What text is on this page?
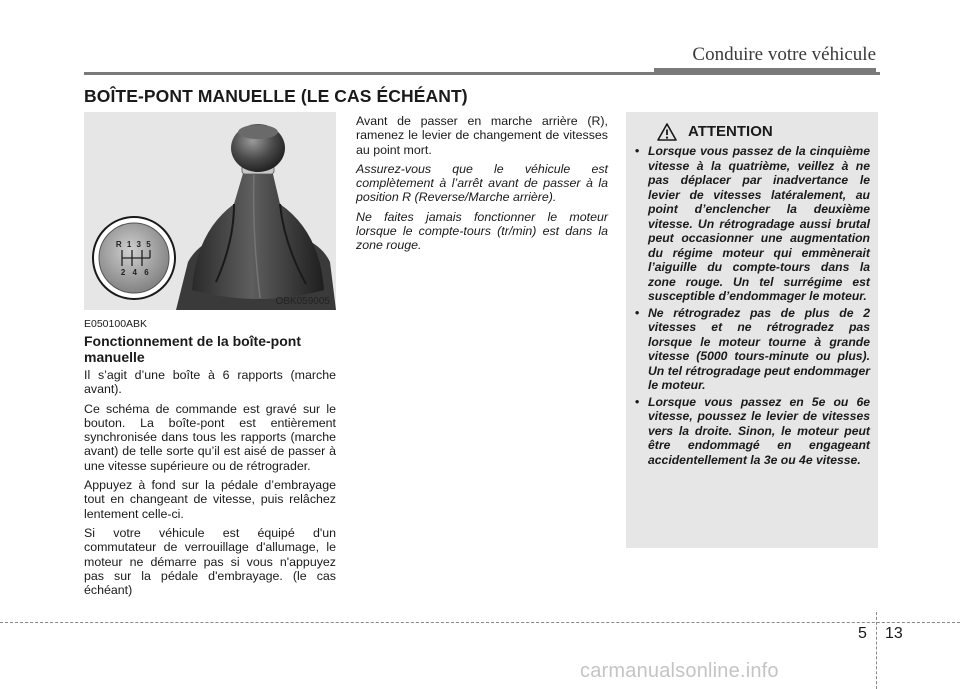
Conduire votre véhicule
BOÎTE-PONT MANUELLE (LE CAS ÉCHÉANT)
R 1 3 5
2 4 6
OBK059005
E050100ABK
Fonctionnement de la boîte-pont manuelle

Il s’agit d’une boîte à 6 rapports (marche avant).

Ce schéma de commande est gravé sur le bouton. La boîte-pont est entièrement synchronisée dans tous les rapports (marche avant) de telle sorte qu’il est aisé de passer à une vitesse supérieure ou de rétrograder.

Appuyez à fond sur la pédale d’embrayage tout en changeant de vitesse, puis relâchez lentement celle-ci.

Si votre véhicule est équipé d'un commutateur de verrouillage d'allumage, le moteur ne démarre pas si vous n'appuyez pas sur la pédale d'embrayage. (le cas échéant)

Avant de passer en marche arrière (R), ramenez le levier de changement de vitesses au point mort.

Assurez-vous que le véhicule est complètement à l’arrêt avant de passer à la position R (Reverse/Marche arrière).

Ne faites jamais fonctionner le moteur lorsque le compte-tours (tr/min) est dans la zone rouge.

ATTENTION
• Lorsque vous passez de la cinquième vitesse à la quatrième, veillez à ne pas déplacer par inadvertance le levier de vitesses latéralement, au point d’enclencher la deuxième vitesse. Un rétrogradage aussi brutal peut occasionner une augmentation du régime moteur qui emmènerait l’aiguille du compte-tours dans la zone rouge. Un tel surrégime est susceptible d’endommager le moteur.
• Ne rétrogradez pas de plus de 2 vitesses et ne rétrogradez pas lorsque le moteur tourne à grande vitesse (5000 tours-minute ou plus). Un tel rétrogradage peut endommager le moteur.
• Lorsque vous passez en 5e ou 6e vitesse, poussez le levier de vitesses vers la droite. Sinon, le moteur peut être endommagé en engageant accidentellement la 3e ou 4e vitesse.
5 13
carmanualsonline.info
